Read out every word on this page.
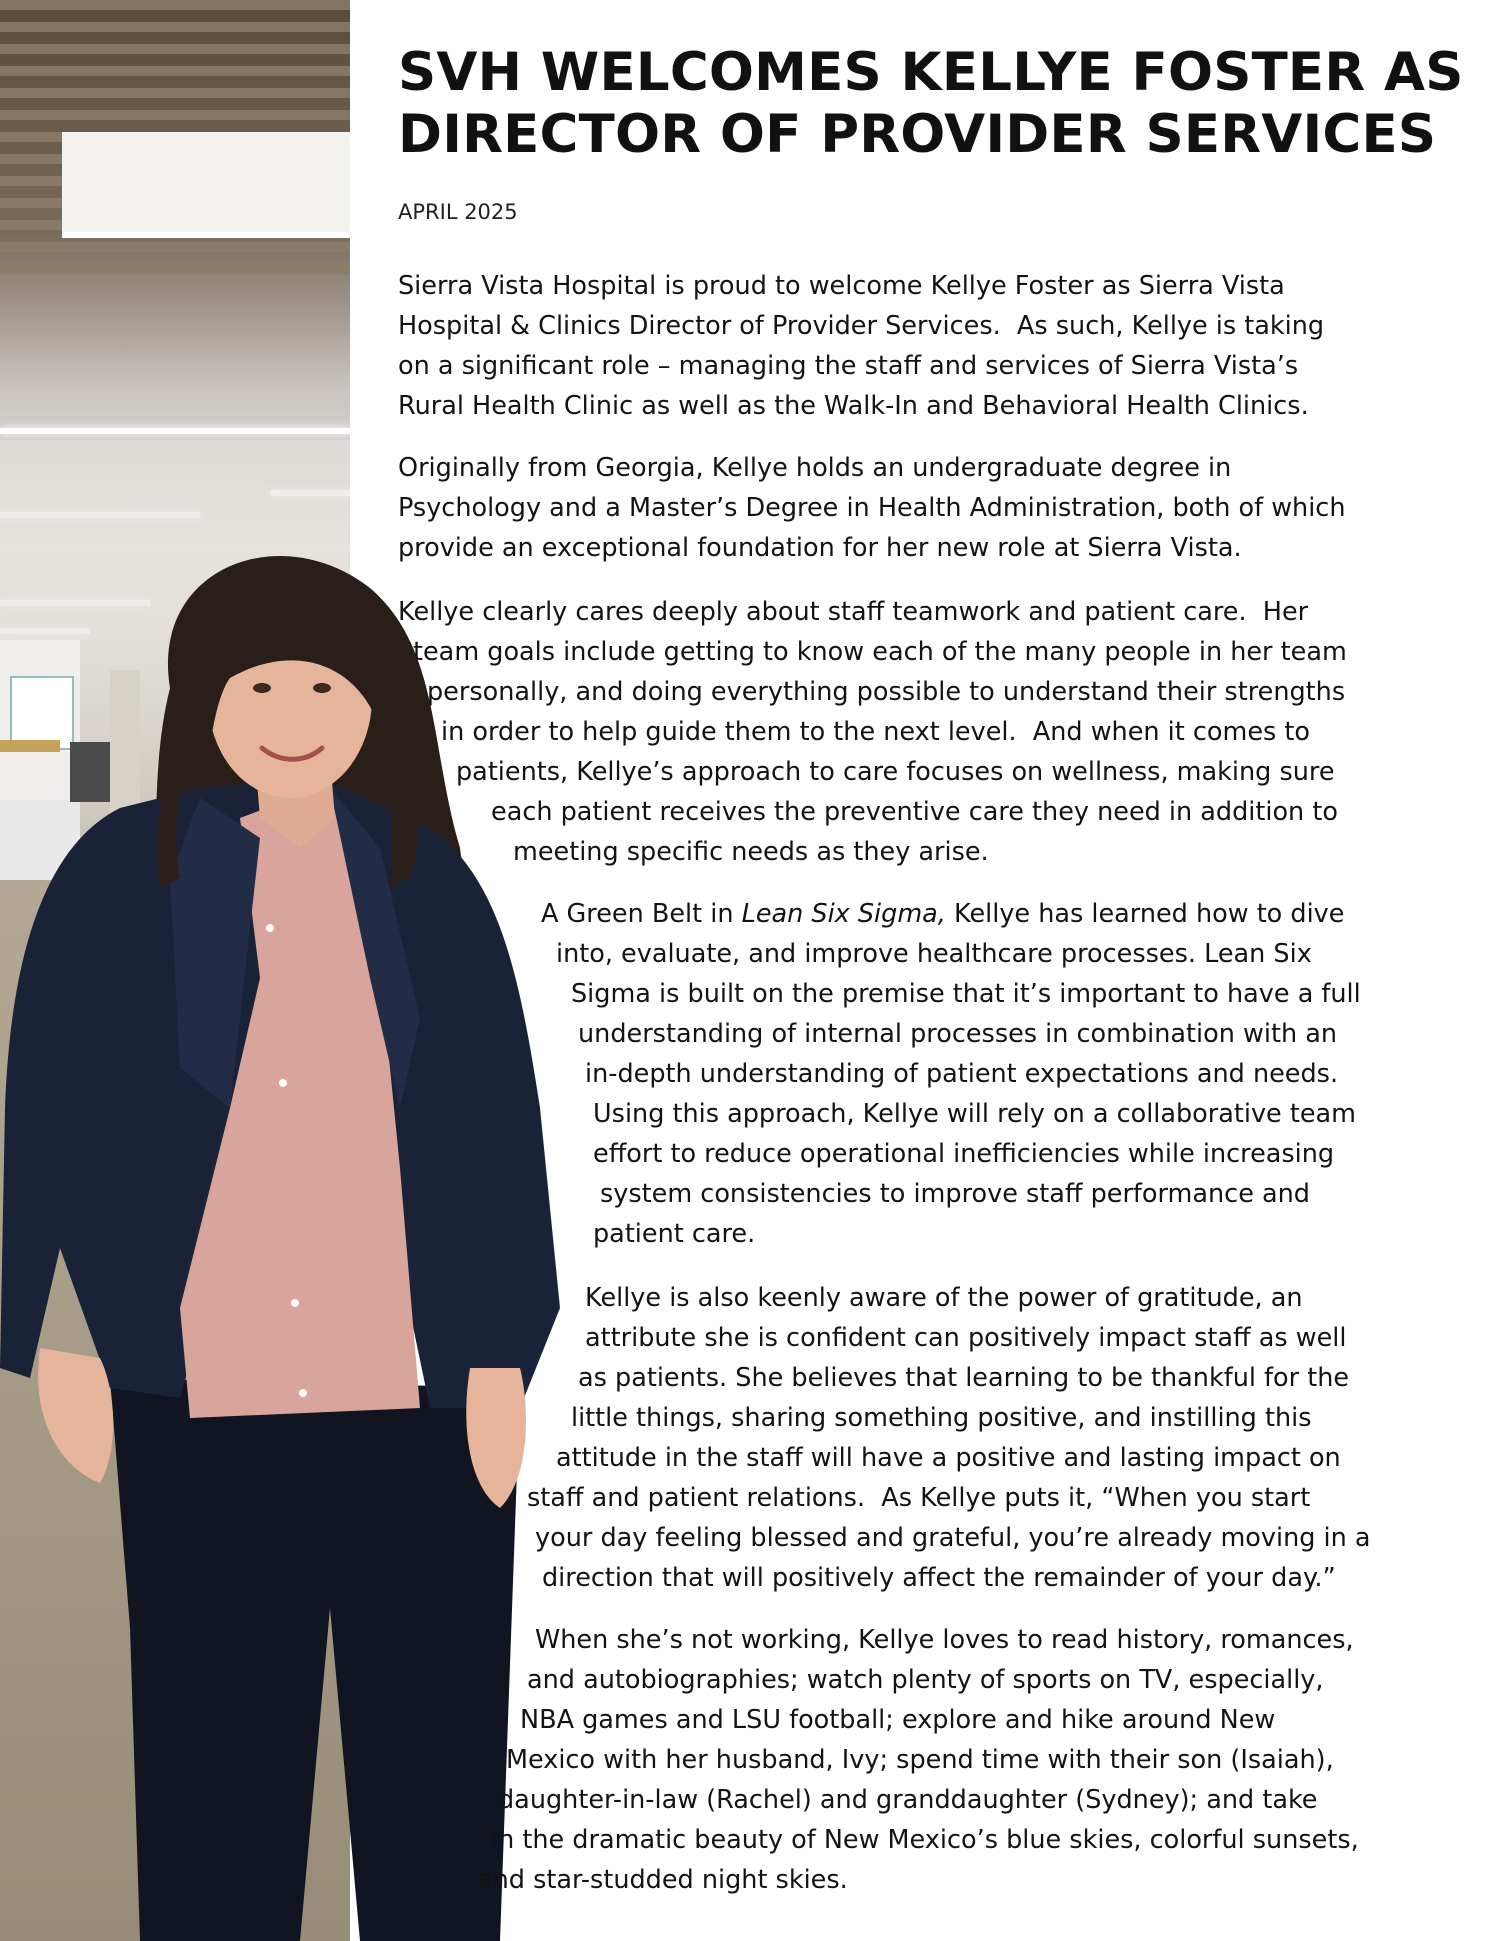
SVH WELCOMES KELLYE FOSTER AS
DIRECTOR OF PROVIDER SERVICES
APRIL 2025
Sierra Vista Hospital is proud to welcome Kellye Foster as Sierra Vista
Hospital & Clinics Director of Provider Services.  As such, Kellye is taking
on a significant role – managing the staff and services of Sierra Vista’s
Rural Health Clinic as well as the Walk-In and Behavioral Health Clinics.
Originally from Georgia, Kellye holds an undergraduate degree in
Psychology and a Master’s Degree in Health Administration, both of which
provide an exceptional foundation for her new role at Sierra Vista.
Kellye clearly cares deeply about staff teamwork and patient care.  Her
team goals include getting to know each of the many people in her team
personally, and doing everything possible to understand their strengths
in order to help guide them to the next level.  And when it comes to
patients, Kellye’s approach to care focuses on wellness, making sure
each patient receives the preventive care they need in addition to
meeting specific needs as they arise.
A Green Belt in Lean Six Sigma, Kellye has learned how to dive
into, evaluate, and improve healthcare processes. Lean Six
Sigma is built on the premise that it’s important to have a full
understanding of internal processes in combination with an
in-depth understanding of patient expectations and needs.
Using this approach, Kellye will rely on a collaborative team
effort to reduce operational inefficiencies while increasing
system consistencies to improve staff performance and
patient care.
Kellye is also keenly aware of the power of gratitude, an
attribute she is confident can positively impact staff as well
as patients. She believes that learning to be thankful for the
little things, sharing something positive, and instilling this
attitude in the staff will have a positive and lasting impact on
staff and patient relations.  As Kellye puts it, “When you start
your day feeling blessed and grateful, you’re already moving in a
direction that will positively affect the remainder of your day.”
When she’s not working, Kellye loves to read history, romances,
and autobiographies; watch plenty of sports on TV, especially,
NBA games and LSU football; explore and hike around New
Mexico with her husband, Ivy; spend time with their son (Isaiah),
daughter-in-law (Rachel) and granddaughter (Sydney); and take
in the dramatic beauty of New Mexico’s blue skies, colorful sunsets,
and star-studded night skies.
